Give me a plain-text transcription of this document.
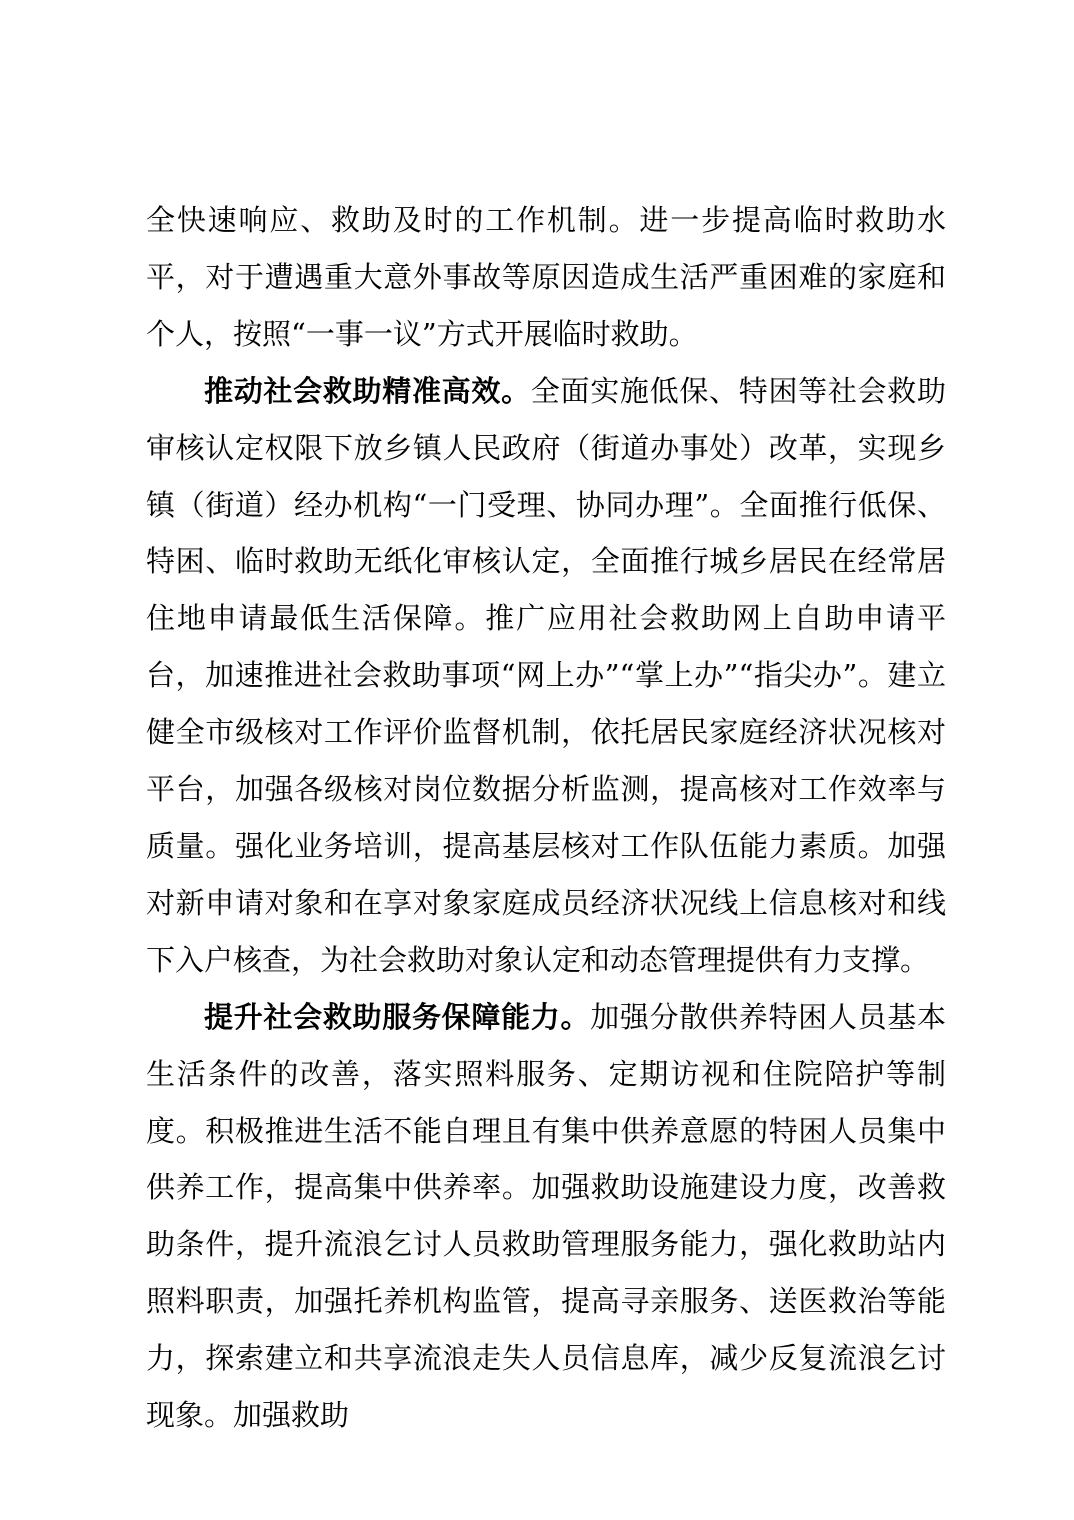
全快速响应、救助及时的工作机制。进一步提高临时救助水平，对于遭遇重大意外事故等原因造成生活严重困难的家庭和个人，按照“一事一议”方式开展临时救助。

推动社会救助精准高效。全面实施低保、特困等社会救助审核认定权限下放乡镇人民政府（街道办事处）改革，实现乡镇（街道）经办机构“一门受理、协同办理”。全面推行低保、特困、临时救助无纸化审核认定，全面推行城乡居民在经常居住地申请最低生活保障。推广应用社会救助网上自助申请平台，加速推进社会救助事项“网上办”“掌上办”“指尖办”。建立健全市级核对工作评价监督机制，依托居民家庭经济状况核对平台，加强各级核对岗位数据分析监测，提高核对工作效率与质量。强化业务培训，提高基层核对工作队伍能力素质。加强对新申请对象和在享对象家庭成员经济状况线上信息核对和线下入户核查，为社会救助对象认定和动态管理提供有力支撑。

提升社会救助服务保障能力。加强分散供养特困人员基本生活条件的改善，落实照料服务、定期访视和住院陪护等制度。积极推进生活不能自理且有集中供养意愿的特困人员集中供养工作，提高集中供养率。加强救助设施建设力度，改善救助条件，提升流浪乞讨人员救助管理服务能力，强化救助站内照料职责，加强托养机构监管，提高寻亲服务、送医救治等能力，探索建立和共享流浪走失人员信息库，减少反复流浪乞讨现象。加强救助
